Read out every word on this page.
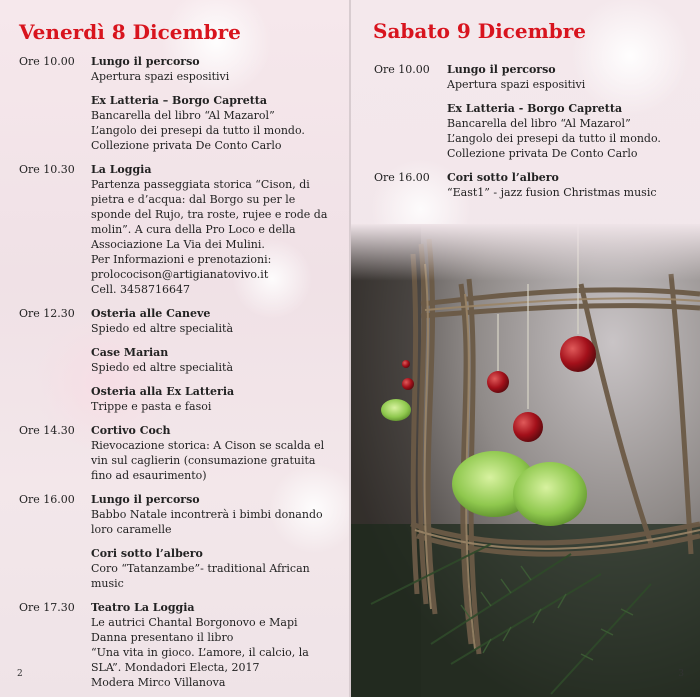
Venerdì 8 Dicembre
Ore 10.00	Lungo il percorso
Apertura spazi espositivi
Ex Latteria – Borgo Capretta
Bancarella del libro “Al Mazarol”
L’angolo dei presepi da tutto il mondo.
Collezione privata De Conto Carlo
Ore 10.30	La Loggia
Partenza passeggiata storica “Cison, di
pietra e d’acqua: dal Borgo su per le
sponde del Rujo, tra roste, rujee e rode da
molin”. A cura della Pro Loco e della
Associazione La Via dei Mulini.
Per Informazioni e prenotazioni:
prolococison@artigianatovivo.it
Cell. 3458716647
Ore 12.30	Osteria alle Caneve
Spiedo ed altre specialità
Case Marian
Spiedo ed altre specialità
Osteria alla Ex Latteria
Trippe e pasta e fasoi
Ore 14.30	Cortivo Coch
Rievocazione storica: A Cison se scalda el
vin sul caglierin (consumazione gratuita
fino ad esaurimento)
Ore 16.00	Lungo il percorso
Babbo Natale incontrerà i bimbi donando
loro caramelle
Cori sotto l’albero
Coro “Tatanzambe”- traditional African music
Ore 17.30	Teatro La Loggia
Le autrici Chantal Borgonovo e Mapi
Danna presentano il libro
“Una vita in gioco. L’amore, il calcio, la
SLA”. Mondadori Electa, 2017
Modera Mirco Villanova
2
Sabato 9 Dicembre
Ore 10.00	Lungo il percorso
Apertura spazi espositivi
Ex Latteria - Borgo Capretta
Bancarella del libro “Al Mazarol”
L’angolo dei presepi da tutto il mondo.
Collezione privata De Conto Carlo
Ore 16.00	Cori sotto l’albero
“East1” - jazz fusion Christmas music
3
